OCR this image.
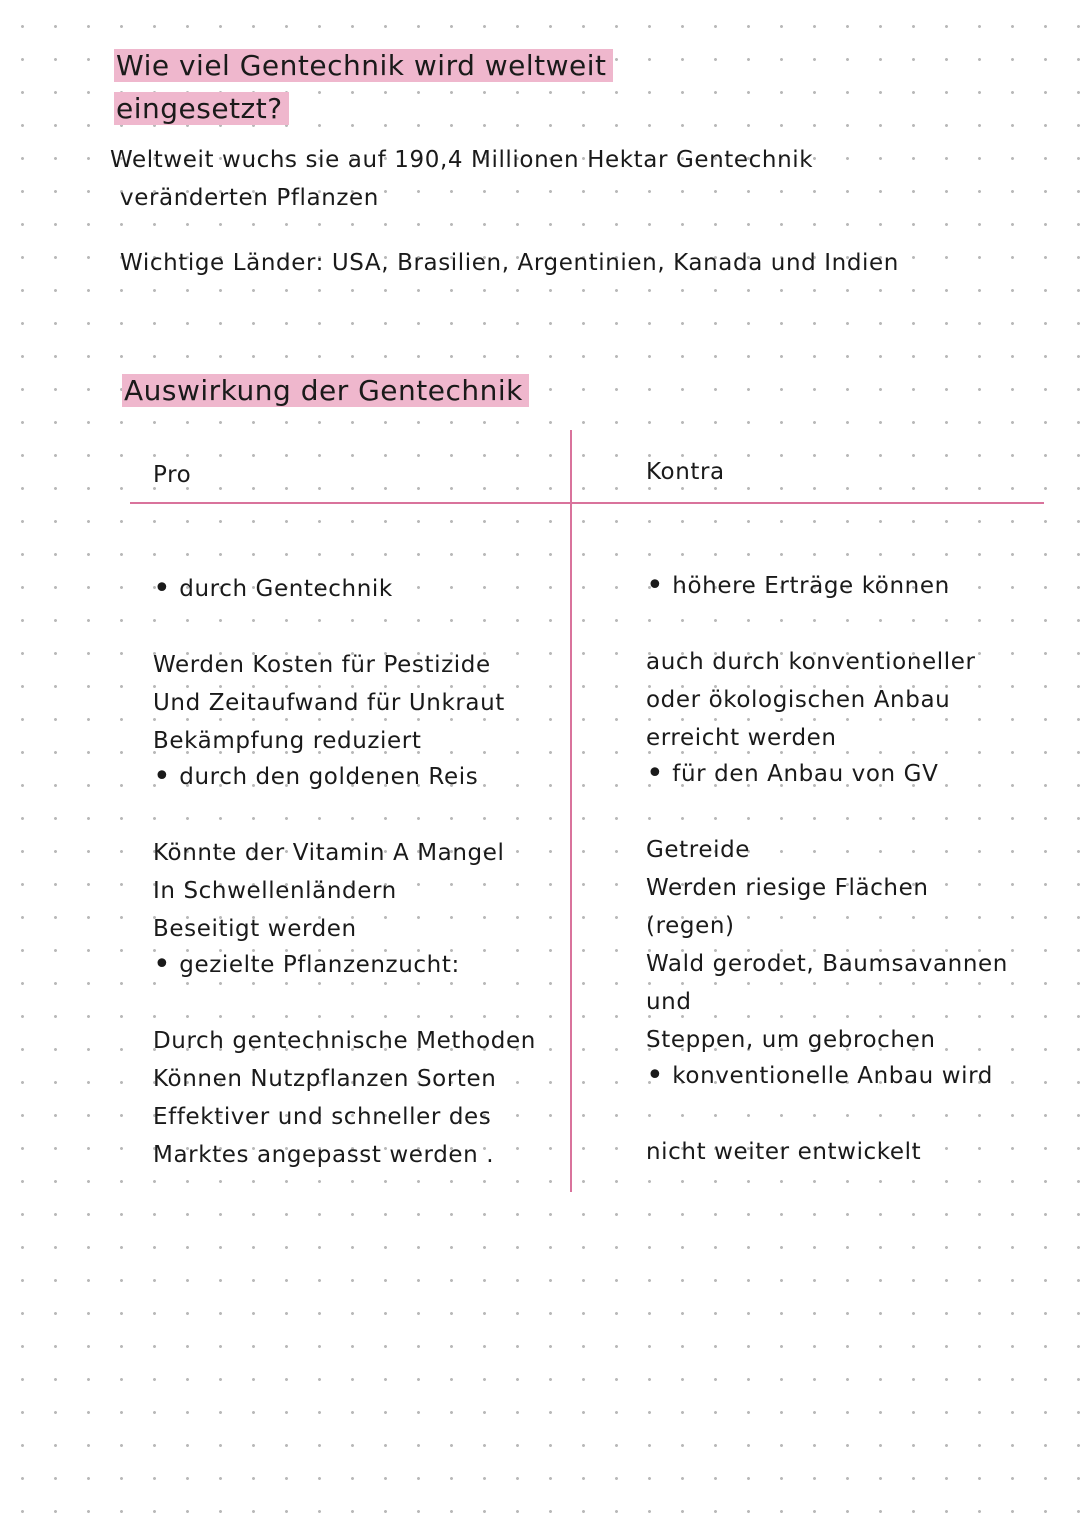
Wie viel Gentechnik wird weltweit eingesetzt?
Weltweit wuchs sie auf 190,4 Millionen Hektar Gentechnik
veränderten Pflanzen
Wichtige Länder: USA, Brasilien, Argentinien, Kanada und Indien
Auswirkung der Gentechnik
Pro	Kontra

• durch Gentechnik

Werden Kosten für Pestizide
Und Zeitaufwand für Unkraut
Bekämpfung reduziert

• durch den goldenen Reis

Könnte der Vitamin A Mangel
In Schwellenländern
Beseitigt werden

• gezielte Pflanzenzucht:

Durch gentechnische Methoden
Können Nutzpflanzen Sorten
Effektiver und schneller des
Marktes angepasst werden .

• höhere Erträge können

auch durch konventioneller
oder ökologischen Anbau
erreicht werden

• für den Anbau von GV

Getreide
Werden riesige Flächen
(regen)
Wald gerodet, Baumsavannen
und
Steppen, um gebrochen

• konventionelle Anbau wird

nicht weiter entwickelt
